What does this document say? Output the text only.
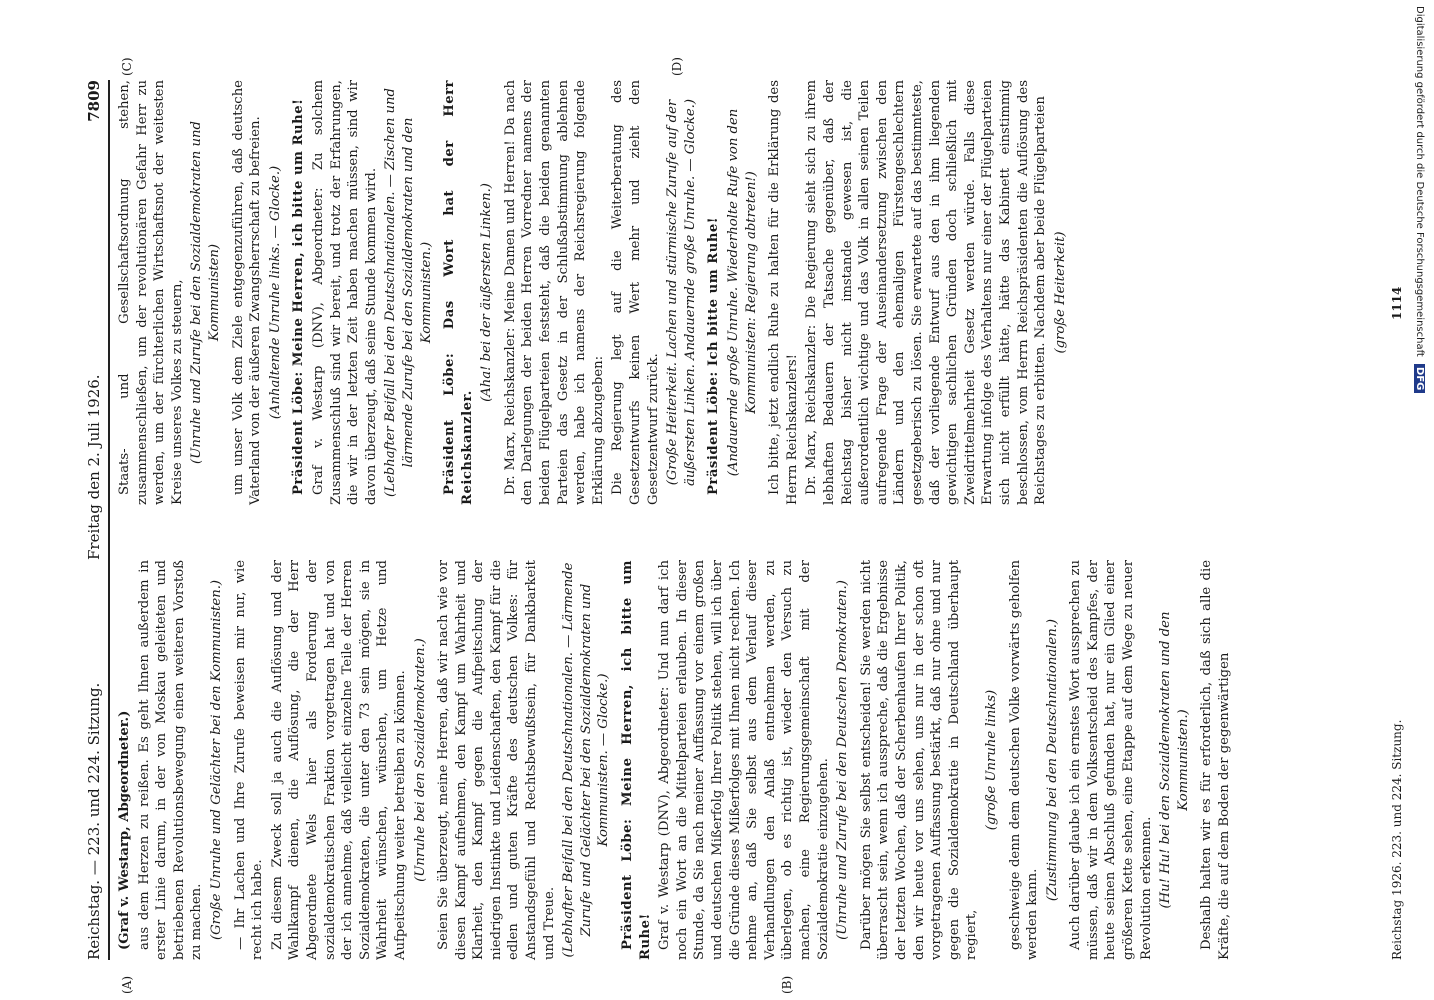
Reichstag. — 223. und 224. Sitzung.
Freitag den 2. Juli 1926.
7809

(Graf v. Westarp, Abgeordneter.) aus dem Herzen zu reißen. Es geht Ihnen außerdem in erster Linie darum, in der von Moskau geleiteten und betriebenen Revolutionsbewegung einen weiteren Vorstoß zu machen. (Große Unruhe und Gelächter bei den Kommunisten.) — Ihr Lachen und Ihre Zurufe beweisen mir nur, wie recht ich habe. Zu diesem Zweck soll ja auch die Auflösung und der Wahlkampf dienen, die Auflösung, die der Herr Abgeordnete Wels hier als Forderung der sozialdemokratischen Fraktion vorgetragen hat und von der ich annehme, daß vielleicht einzelne Teile der Herren Sozialdemokraten, die unter den 73 sein mögen, sie in Wahrheit wünschen, wünschen, um Hetze und Aufpeitschung weiter betreiben zu können. (Unruhe bei den Sozialdemokraten.) Seien Sie überzeugt, meine Herren, daß wir nach wie vor diesen Kampf aufnehmen, den Kampf um Wahrheit und Klarheit, den Kampf gegen die Aufpeitschung der niedrigen Instinkte und Leidenschaften, den Kampf für die edlen und guten Kräfte des deutschen Volkes: für Anstandsgefühl und Rechtsbewußtsein, für Dankbarkeit und Treue. (Lebhafter Beifall bei den Deutschnationalen. — Lärmende Zurufe und Gelächter bei den Sozialdemokraten und Kommunisten. — Glocke.) Präsident Löbe: Meine Herren, ich bitte um Ruhe! Graf v. Westarp (DNV), Abgeordneter: Und nun darf ich noch ein Wort an die Mittelparteien erlauben. In dieser Stunde, da Sie nach meiner Auffassung vor einem großen und deutschen Mißerfolg Ihrer Politik stehen, will ich über die Gründe dieses Mißerfolges mit Ihnen nicht rechten. Ich nehme an, daß Sie selbst aus dem Verlauf dieser Verhandlungen den Anlaß entnehmen werden, zu überlegen, ob es richtig ist, wieder den Versuch zu machen, eine Regierungsgemeinschaft mit der Sozialdemokratie einzugehen. (Unruhe und Zurufe bei den Deutschen Demokraten.) Darüber mögen Sie selbst entscheiden! Sie werden nicht überrascht sein, wenn ich ausspreche, daß die Ergebnisse der letzten Wochen, daß der Scherbenhaufen Ihrer Politik, den wir heute vor uns sehen, uns nur in der schon oft vorgetragenen Auffassung bestärkt, daß nur ohne und nur gegen die Sozialdemokratie in Deutschland überhaupt regiert,

(große Unruhe links) geschweige denn dem deutschen Volke vorwärts geholfen werden kann.

(Zustimmung bei den Deutschnationalen.) Auch darüber glaube ich ein ernstes Wort aussprechen zu müssen, daß wir in dem Volksentscheid des Kampfes, der heute seinen Abschluß gefunden hat, nur ein Glied einer größeren Kette sehen, eine Etappe auf dem Wege zu neuer Revolution erkennen. (Hu! Hu! bei den Sozialdemokraten und den Kommunisten.) Deshalb halten wir es für erforderlich, daß sich alle die Kräfte, die auf dem Boden der gegenwärtigen

Staats- und Gesellschaftsordnung stehen, zusammenschließen, um der revolutionären Gefahr Herr zu werden, um der fürchterlichen Wirtschaftsnot der weitesten Kreise unseres Volkes zu steuern, (Unruhe und Zurufe bei den Sozialdemokraten und Kommunisten) um unser Volk dem Ziele entgegenzuführen, daß deutsche Vaterland von der äußeren Zwangsherrschaft zu befreien. (Anhaltende Unruhe links. — Glocke.) Präsident Löbe: Meine Herren, ich bitte um Ruhe! Graf v. Westarp (DNV), Abgeordneter: Zu solchem Zusammenschluß sind wir bereit, und trotz der Erfahrungen, die wir in der letzten Zeit haben machen müssen, sind wir davon überzeugt, daß seine Stunde kommen wird. (Lebhafter Beifall bei den Deutschnationalen. — Zischen und lärmende Zurufe bei den Sozialdemokraten und den Kommunisten.) Präsident Löbe: Das Wort hat der Herr Reichskanzler.

(Aha! bei der äußersten Linken.) Dr. Marx, Reichskanzler: Meine Damen und Herren! Da nach den Darlegungen der beiden Herren Vorredner namens der beiden Flügelparteien feststeht, daß die beiden genannten Parteien das Gesetz in der Schlußabstimmung ablehnen werden, habe ich namens der Reichsregierung folgende Erklärung abzugeben: Die Regierung legt auf die Weiterberatung des Gesetzentwurfs keinen Wert mehr und zieht den Gesetzentwurf zurück. (Große Heiterkeit. Lachen und stürmische Zurufe auf der äußersten Linken. Andauernde große Unruhe. — Glocke.) Präsident Löbe: Ich bitte um Ruhe! (Andauernde große Unruhe. Wiederholte Rufe von den Kommunisten: Regierung abtreten!) Ich bitte, jetzt endlich Ruhe zu halten für die Erklärung des Herrn Reichskanzlers! Dr. Marx, Reichskanzler: Die Regierung sieht sich zu ihrem lebhaften Bedauern der Tatsache gegenüber, daß der Reichstag bisher nicht imstande gewesen ist, die außerordentlich wichtige und das Volk in allen seinen Teilen aufregende Frage der Auseinandersetzung zwischen den Ländern und den ehemaligen Fürstengeschlechtern gesetzgeberisch zu lösen. Sie erwartete auf das bestimmteste, daß der vorliegende Entwurf aus den in ihm liegenden gewichtigen sachlichen Gründen doch schließlich mit Zweidrittelmehrheit Gesetz werden würde. Falls diese Erwartung infolge des Verhaltens nur einer der Flügelparteien sich nicht erfüllt hätte, hätte das Kabinett einstimmig beschlossen, vom Herrn Reichspräsidenten die Auflösung des Reichstages zu erbitten. Nachdem aber beide Flügelparteien (große Heiterkeit)

(A)	(B)
(C)	(D)
Reichstag 1926. 223. und 224. Sitzung.
1114 Digitalisierung gefördert durch die Deutsche Forschungsgemeinschaft DFG
